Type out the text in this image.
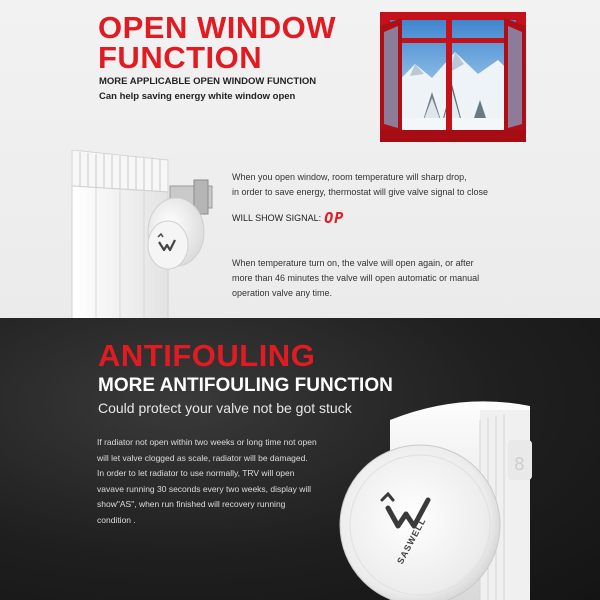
OPEN WINDOW
FUNCTION
MORE APPLICABLE OPEN WINDOW FUNCTION
Can help saving energy white window open
When you open window, room temperature will sharp drop,
in order to save energy, thermostat will give valve signal to close
WILL SHOW SIGNAL: OP
When temperature turn on, the valve will open again, or after
more than 46 minutes the valve will open automatic or manual
operation valve any time.
ANTIFOULING
MORE ANTIFOULING FUNCTION
Could protect your valve not be got stuck
If radiator not open within two weeks or long time not open
will let valve clogged as scale, radiator will be damaged.
In order to let radiator to use normally, TRV will open
vavave running 30 seconds every two weeks, display will
show"AS", when run finished will recovery running
condition .
8
SASWELL
